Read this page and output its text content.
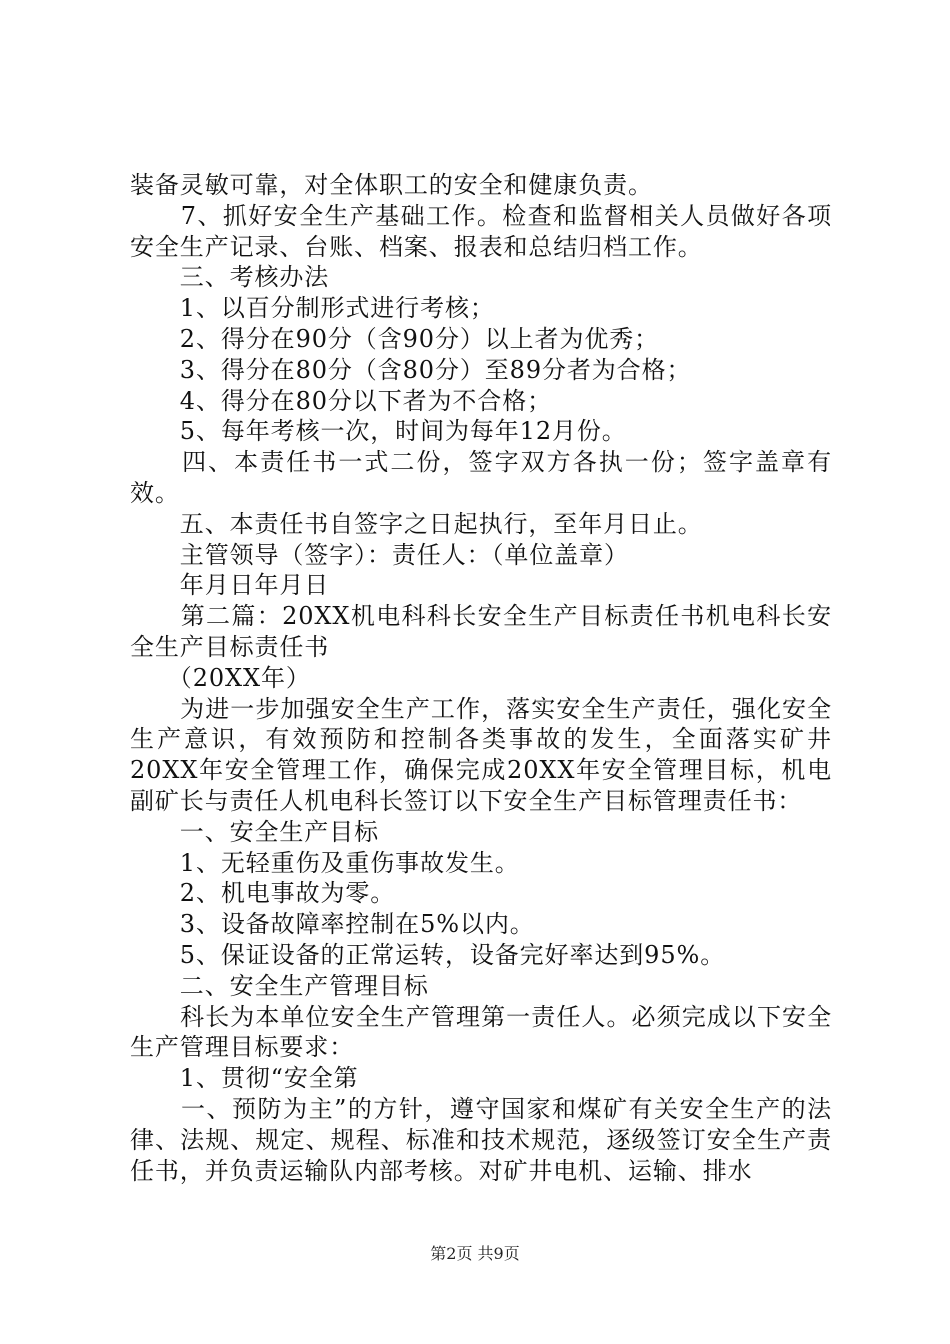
装备灵敏可靠，对全体职工的安全和健康负责。

　　7、抓好安全生产基础工作。检查和监督相关人员做好各项安全生产记录、台账、档案、报表和总结归档工作。

　　三、考核办法

　　1、以百分制形式进行考核；

　　2、得分在90分（含90分）以上者为优秀；

　　3、得分在80分（含80分）至89分者为合格；

　　4、得分在80分以下者为不合格；

　　5、每年考核一次，时间为每年12月份。

　　四、本责任书一式二份，签字双方各执一份；签字盖章有效。

　　五、本责任书自签字之日起执行，至年月日止。

　　主管领导（签字）：责任人：（单位盖章）

　　年月日年月日

　　第二篇：20XX机电科科长安全生产目标责任书机电科长安全生产目标责任书

　　（20XX年）

　　为进一步加强安全生产工作，落实安全生产责任，强化安全生产意识，有效预防和控制各类事故的发生，全面落实矿井20XX年安全管理工作，确保完成20XX年安全管理目标，机电副矿长与责任人机电科长签订以下安全生产目标管理责任书：

　　一、安全生产目标

　　1、无轻重伤及重伤事故发生。

　　2、机电事故为零。

　　3、设备故障率控制在5%以内。

　　5、保证设备的正常运转，设备完好率达到95%。

　　二、安全生产管理目标

　　科长为本单位安全生产管理第一责任人。必须完成以下安全生产管理目标要求：

　　1、贯彻“安全第

　　一、预防为主”的方针，遵守国家和煤矿有关安全生产的法律、法规、规定、规程、标准和技术规范，逐级签订安全生产责任书，并负责运输队内部考核。对矿井电机、运输、排水

第2页 共9页
